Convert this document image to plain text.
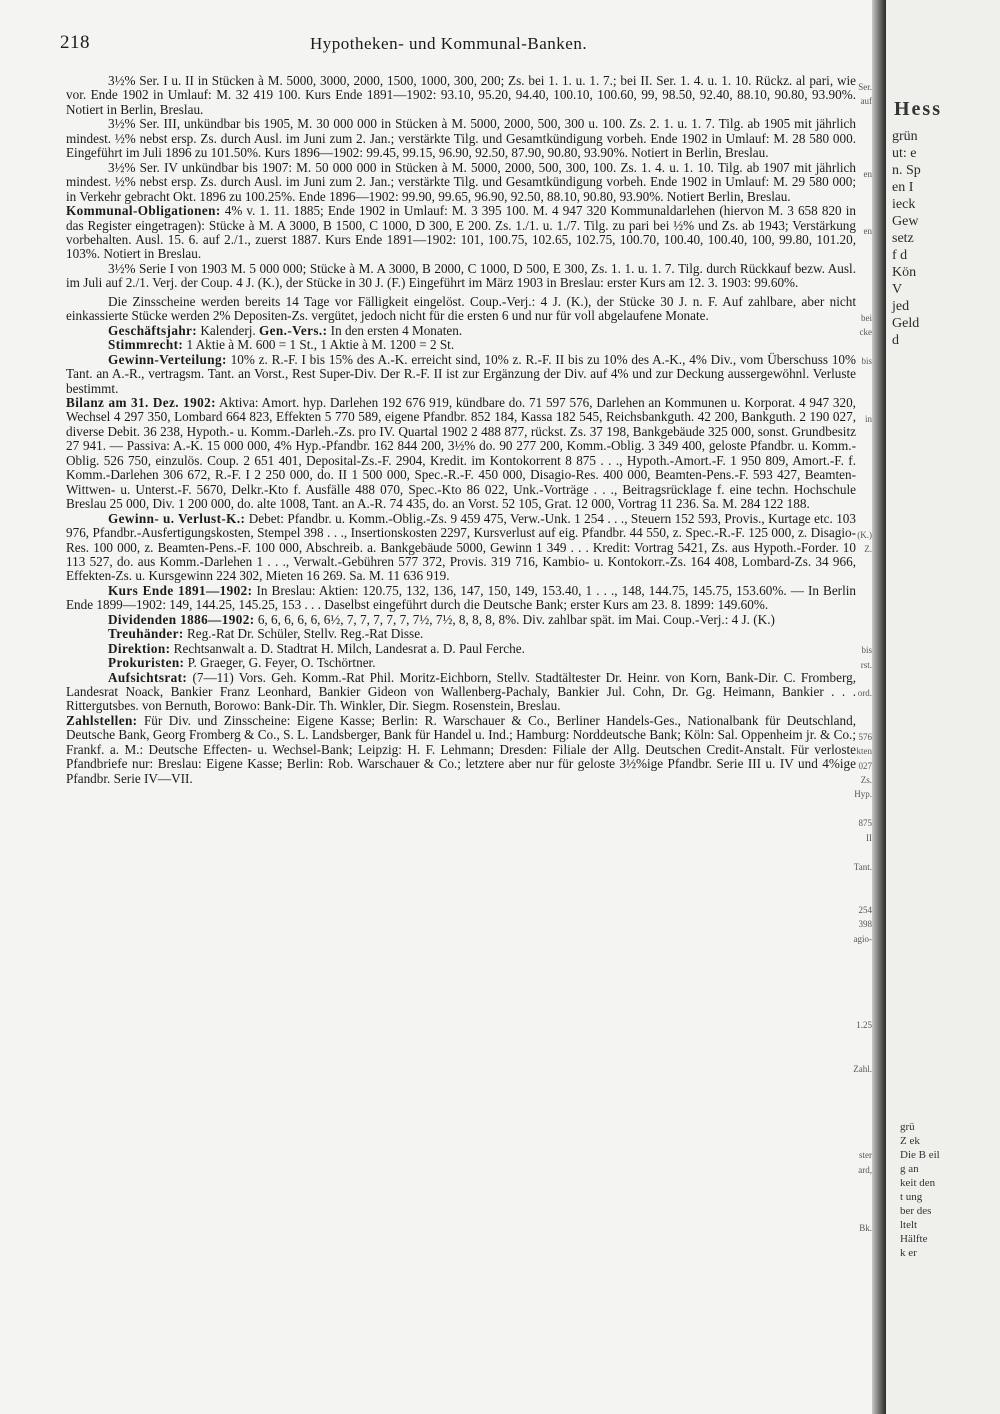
218	Hypotheken- und Kommunal-Banken.

3½% Ser. I u. II in Stücken à M. 5000, 3000, 2000, 1500, 1000, 300, 200; Zs. bei 1. 1. u. 1. 7.; bei II. Ser. 1. 4. u. 1. 10. Rückz. al pari, wie vor. Ende 1902 in Umlauf: M. 32 419 100. Kurs Ende 1891—1902: 93.10, 95.20, 94.40, 100.10, 100.60, 99, 98.50, 92.40, 88.10, 90.80, 93.90%. Notiert in Berlin, Breslau.

3½% Ser. III, unkündbar bis 1905, M. 30 000 000 in Stücken à M. 5000, 2000, 500, 300 u. 100. Zs. 2. 1. u. 1. 7. Tilg. ab 1905 mit jährlich mindest. ½% nebst ersp. Zs. durch Ausl. im Juni zum 2. Jan.; verstärkte Tilg. und Gesamtkündigung vorbeh. Ende 1902 in Umlauf: M. 28 580 000. Eingeführt im Juli 1896 zu 101.50%. Kurs 1896—1902: 99.45, 99.15, 96.90, 92.50, 87.90, 90.80, 93.90%. Notiert in Berlin, Breslau.

3½% Ser. IV unkündbar bis 1907: M. 50 000 000 in Stücken à M. 5000, 2000, 500, 300, 100. Zs. 1. 4. u. 1. 10. Tilg. ab 1907 mit jährlich mindest. ½% nebst ersp. Zs. durch Ausl. im Juni zum 2. Jan.; verstärkte Tilg. und Gesamtkündigung vorbeh. Ende 1902 in Umlauf: M. 29 580 000; in Verkehr gebracht Okt. 1896 zu 100.25%. Ende 1896—1902: 99.90, 99.65, 96.90, 92.50, 88.10, 90.80, 93.90%. Notiert Berlin, Breslau.

Kommunal-Obligationen: 4% v. 1. 11. 1885; Ende 1902 in Umlauf: M. 3 395 100. M. 4 947 320 Kommunaldarlehen (hiervon M. 3 658 820 in das Register eingetragen): Stücke à M. A 3000, B 1500, C 1000, D 300, E 200. Zs. 1./1. u. 1./7. Tilg. zu pari bei ½% und Zs. ab 1943; Verstärkung vorbehalten. Ausl. 15. 6. auf 2./1., zuerst 1887. Kurs Ende 1891—1902: 101, 100.75, 102.65, 102.75, 100.70, 100.40, 100.40, 100, 99.80, 101.20, 103%. Notiert in Breslau.

3½% Serie I von 1903 M. 5 000 000; Stücke à M. A 3000, B 2000, C 1000, D 500, E 300, Zs. 1. 1. u. 1. 7. Tilg. durch Rückkauf bezw. Ausl. im Juli auf 2./1. Verj. der Coup. 4 J. (K.), der Stücke in 30 J. (F.) Eingeführt im März 1903 in Breslau: erster Kurs am 12. 3. 1903: 99.60%.

Die Zinsscheine werden bereits 14 Tage vor Fälligkeit eingelöst. Coup.-Verj.: 4 J. (K.), der Stücke 30 J. n. F. Auf zahlbare, aber nicht einkassierte Stücke werden 2% Depositen-Zs. vergütet, jedoch nicht für die ersten 6 und nur für voll abgelaufene Monate.

Geschäftsjahr: Kalenderj. Gen.-Vers.: In den ersten 4 Monaten.

Stimmrecht: 1 Aktie à M. 600 = 1 St., 1 Aktie à M. 1200 = 2 St.

Gewinn-Verteilung: 10% z. R.-F. I bis 15% des A.-K. erreicht sind, 10% z. R.-F. II bis zu 10% des A.-K., 4% Div., vom Überschuss 10% Tant. an A.-R., vertragsm. Tant. an Vorst., Rest Super-Div. Der R.-F. II ist zur Ergänzung der Div. auf 4% und zur Deckung aussergewöhnl. Verluste bestimmt.

Bilanz am 31. Dez. 1902: Aktiva: Amort. hyp. Darlehen 192 676 919, kündbare do. 71 597 576, Darlehen an Kommunen u. Korporat. 4 947 320, Wechsel 4 297 350, Lombard 664 823, Effekten 5 770 589, eigene Pfandbr. 852 184, Kassa 182 545, Reichsbankguth. 42 200, Bankguth. 2 190 027, diverse Debit. 36 238, Hypoth.- u. Komm.-Darleh.-Zs. pro IV. Quartal 1902 2 488 877, rückst. Zs. 37 198, Bankgebäude 325 000, sonst. Grundbesitz 27 941. — Passiva: A.-K. 15 000 000, 4% Hyp.-Pfandbr. 162 844 200, 3½% do. 90 277 200, Komm.-Oblig. 3 349 400, geloste Pfandbr. u. Komm.-Oblig. 526 750, einzulös. Coup. 2 651 401, Deposital-Zs.-F. 2904, Kredit. im Kontokorrent 8 875 . . ., Hypoth.-Amort.-F. 1 950 809, Amort.-F. f. Komm.-Darlehen 306 672, R.-F. I 2 250 000, do. II 1 500 000, Spec.-R.-F. 450 000, Disagio-Res. 400 000, Beamten-Pens.-F. 593 427, Beamten-Wittwen- u. Unterst.-F. 5670, Delkr.-Kto f. Ausfälle 488 070, Spec.-Kto 86 022, Unk.-Vorträge . . ., Beitragsrücklage f. eine techn. Hochschule Breslau 25 000, Div. 1 200 000, do. alte 1008, Tant. an A.-R. 74 435, do. an Vorst. 52 105, Grat. 12 000, Vortrag 11 236. Sa. M. 284 122 188.

Gewinn- u. Verlust-K.: Debet: Pfandbr. u. Komm.-Oblig.-Zs. 9 459 475, Verw.-Unk. 1 254 . . ., Steuern 152 593, Provis., Kurtage etc. 103 976, Pfandbr.-Ausfertigungskosten, Stempel 398 . . ., Insertionskosten 2297, Kursverlust auf eig. Pfandbr. 44 550, z. Spec.-R.-F. 125 000, z. Disagio-Res. 100 000, z. Beamten-Pens.-F. 100 000, Abschreib. a. Bankgebäude 5000, Gewinn 1 349 . . . Kredit: Vortrag 5421, Zs. aus Hypoth.-Forder. 10 113 527, do. aus Komm.-Darlehen 1 . . ., Verwalt.-Gebühren 577 372, Provis. 319 716, Kambio- u. Kontokorr.-Zs. 164 408, Lombard-Zs. 34 966, Effekten-Zs. u. Kursgewinn 224 302, Mieten 16 269. Sa. M. 11 636 919.

Kurs Ende 1891—1902: In Breslau: Aktien: 120.75, 132, 136, 147, 150, 149, 153.40, 1 . . ., 148, 144.75, 145.75, 153.60%. — In Berlin Ende 1899—1902: 149, 144.25, 145.25, 153 . . . Daselbst eingeführt durch die Deutsche Bank; erster Kurs am 23. 8. 1899: 149.60%.

Dividenden 1886—1902: 6, 6, 6, 6, 6, 6½, 7, 7, 7, 7, 7, 7½, 7½, 8, 8, 8, 8%. Div. zahlbar spät. im Mai. Coup.-Verj.: 4 J. (K.)

Treuhänder: Reg.-Rat Dr. Schüler, Stellv. Reg.-Rat Disse.

Direktion: Rechtsanwalt a. D. Stadtrat H. Milch, Landesrat a. D. Paul Ferche.

Prokuristen: P. Graeger, G. Feyer, O. Tschörtner.

Aufsichtsrat: (7—11) Vors. Geh. Komm.-Rat Phil. Moritz-Eichborn, Stellv. Stadtältester Dr. Heinr. von Korn, Bank-Dir. C. Fromberg, Landesrat Noack, Bankier Franz Leonhard, Bankier Gideon von Wallenberg-Pachaly, Bankier Jul. Cohn, Dr. Gg. Heimann, Bankier . . . Rittergutsbes. von Bernuth, Borowo: Bank-Dir. Th. Winkler, Dir. Siegm. Rosenstein, Breslau.

Zahlstellen: Für Div. und Zinsscheine: Eigene Kasse; Berlin: R. Warschauer & Co., Berliner Handels-Ges., Nationalbank für Deutschland, Deutsche Bank, Georg Fromberg & Co., S. L. Landsberger, Bank für Handel u. Ind.; Hamburg: Norddeutsche Bank; Köln: Sal. Oppenheim jr. & Co.; Frankf. a. M.: Deutsche Effecten- u. Wechsel-Bank; Leipzig: H. F. Lehmann; Dresden: Filiale der Allg. Deutschen Credit-Anstalt. Für verloste Pfandbriefe nur: Breslau: Eigene Kasse; Berlin: Rob. Warschauer & Co.; letztere aber nur für geloste 3½%ige Pfandbr. Serie III u. IV und 4%ige Pfandbr. Serie IV—VII.

Ser.
auf
en
en
bei
cke
bis
in
(K.)
Z.
bis
rst.
ord.
576
kten
027
Zs.
Hyp.
875
II
Tant.
254
398
agio-
1.25
Zahl.
ster
ard,
Bk.
Hess
grün
ut: e
n. Sp
en I
ieck
Gew
setz
f d
Kön
V
jed
Geld
d
grü
Z ek
Die B eil
g an
keit den
t ung
ber des
ltelt
Hälfte
k er
